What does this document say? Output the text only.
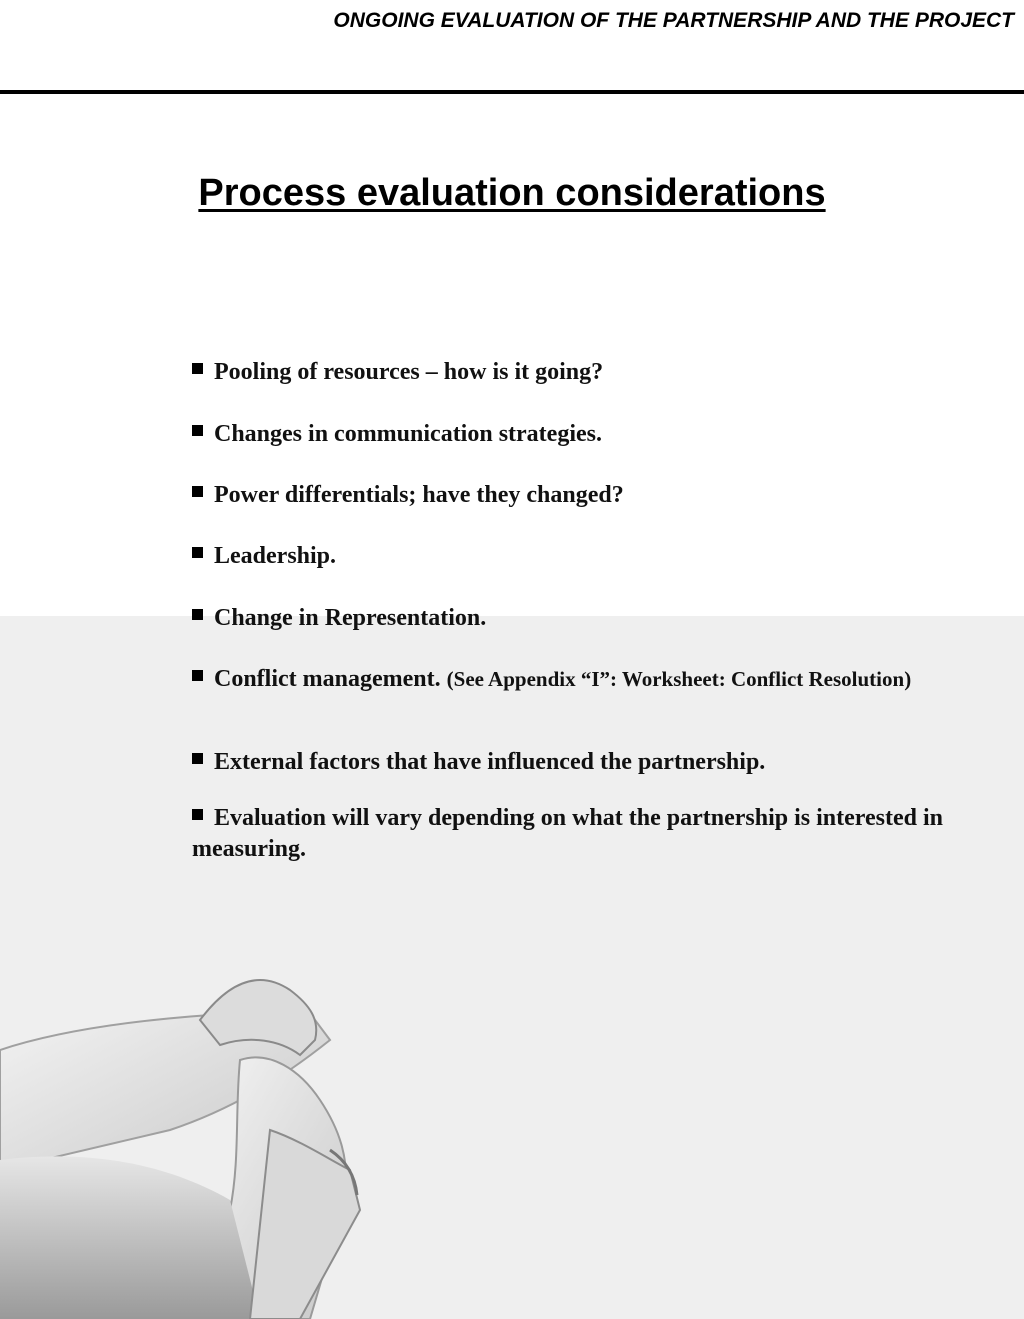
ONGOING EVALUATION OF THE PARTNERSHIP AND THE PROJECT
Process evaluation considerations
Pooling of resources – how is it going?
Changes in communication strategies.
Power differentials; have they changed?
Leadership.
Change in Representation.
Conflict management. (See Appendix “I”: Worksheet: Conflict Resolution)
External factors that have influenced the partnership.
Evaluation will vary depending on what the partnership is interested in measuring.
